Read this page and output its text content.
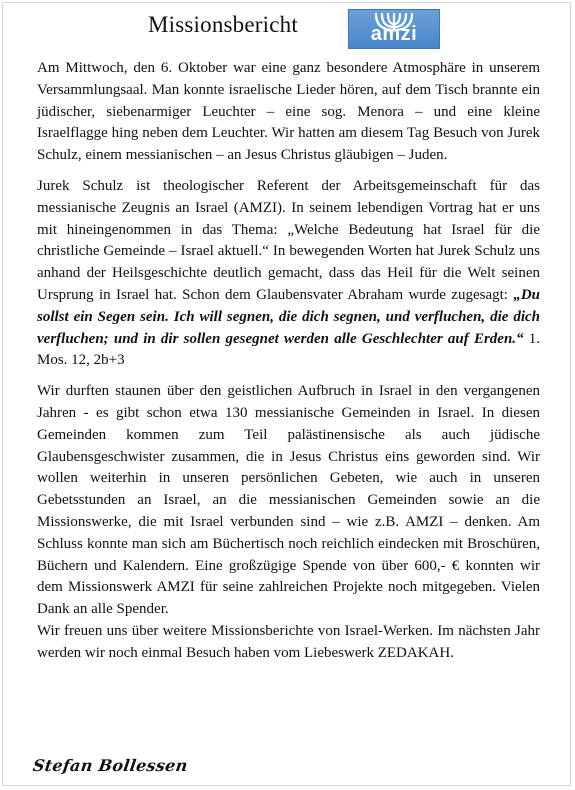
Missionsbericht	amzi

Am Mittwoch, den 6. Oktober war eine ganz besondere Atmosphäre in unserem Versammlungsaal. Man konnte israelische Lieder hören, auf dem Tisch brannte ein jüdischer, siebenarmiger Leuchter – eine sog. Menora – und eine kleine Israelflagge hing neben dem Leuchter. Wir hatten am diesem Tag Besuch von Jurek Schulz, einem messianischen – an Jesus Christus gläubigen – Juden.

Jurek Schulz ist theologischer Referent der Arbeitsgemeinschaft für das messianische Zeugnis an Israel (AMZI). In seinem lebendigen Vortrag hat er uns mit hineingenommen in das Thema: „Welche Bedeutung hat Israel für die christliche Gemeinde – Israel aktuell.“ In bewegenden Worten hat Jurek Schulz uns anhand der Heilsgeschichte deutlich gemacht, dass das Heil für die Welt seinen Ursprung in Israel hat. Schon dem Glaubensvater Abraham wurde zugesagt: „Du sollst ein Segen sein. Ich will segnen, die dich segnen, und verfluchen, die dich verfluchen; und in dir sollen gesegnet werden alle Geschlechter auf Erden.“ 1. Mos. 12, 2b+3

Wir durften staunen über den geistlichen Aufbruch in Israel in den vergangenen Jahren - es gibt schon etwa 130 messianische Gemeinden in Israel. In diesen Gemeinden kommen zum Teil palästinensische als auch jüdische Glaubensgeschwister zusammen, die in Jesus Christus eins geworden sind. Wir wollen weiterhin in unseren persönlichen Gebeten, wie auch in unseren Gebetsstunden an Israel, an die messianischen Gemeinden sowie an die Missionswerke, die mit Israel verbunden sind – wie z.B. AMZI – denken. Am Schluss konnte man sich am Büchertisch noch reichlich eindecken mit Broschüren, Büchern und Kalendern. Eine großzügige Spende von über 600,- € konnten wir dem Missionswerk AMZI für seine zahlreichen Projekte noch mitgegeben. Vielen Dank an alle Spender.

Wir freuen uns über weitere Missionsberichte von Israel-Werken. Im nächsten Jahr werden wir noch einmal Besuch haben vom Liebeswerk ZEDAKAH.

Stefan Bollessen
